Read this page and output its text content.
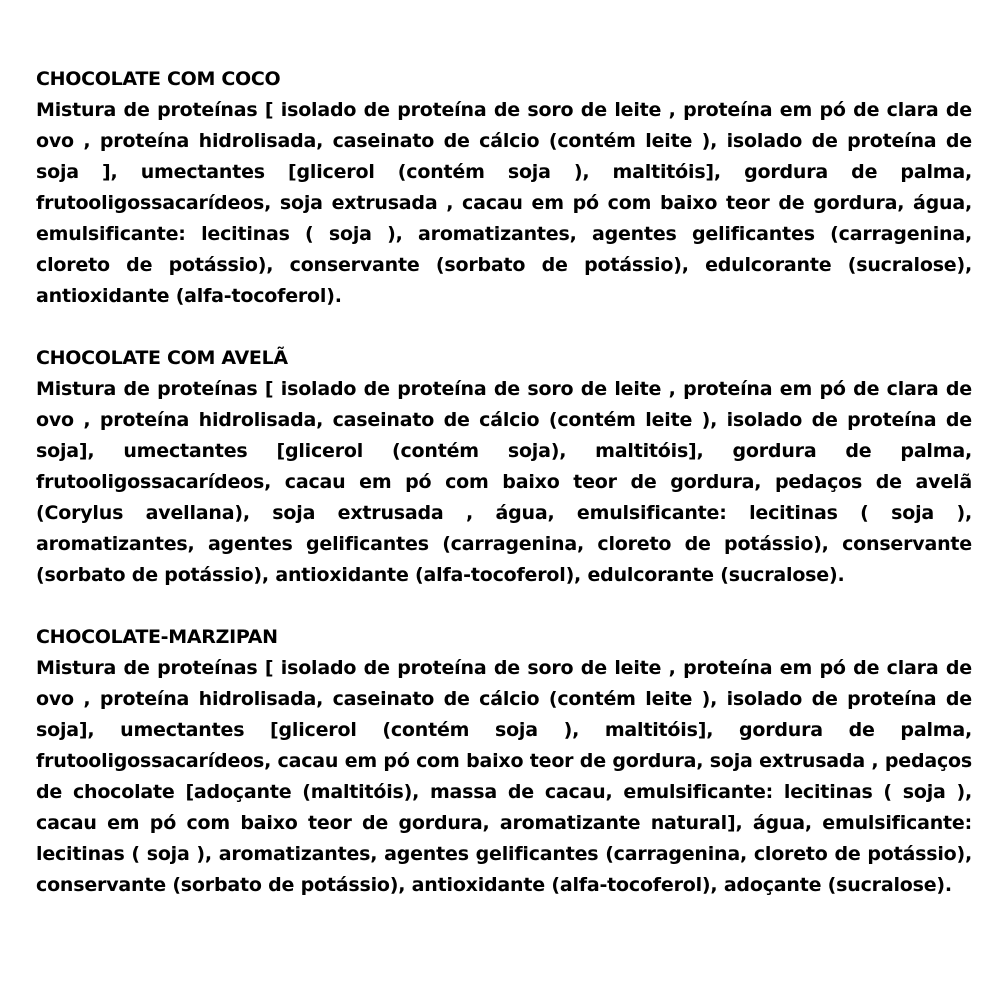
CHOCOLATE COM COCO

Mistura de proteínas [ isolado de proteína de soro de leite , proteína em pó de clara de ovo , proteína hidrolisada, caseinato de cálcio (contém leite ), isolado de proteína de soja ], umectantes [glicerol (contém soja ), maltitóis], gordura de palma, frutooligossacarídeos, soja extrusada , cacau em pó com baixo teor de gordura, água, emulsificante: lecitinas ( soja ), aromatizantes, agentes gelificantes (carragenina, cloreto de potássio), conservante (sorbato de potássio), edulcorante (sucralose), antioxidante (alfa-tocoferol).

CHOCOLATE COM AVELÃ

Mistura de proteínas [ isolado de proteína de soro de leite , proteína em pó de clara de ovo , proteína hidrolisada, caseinato de cálcio (contém leite ), isolado de proteína de soja], umectantes [glicerol (contém soja), maltitóis], gordura de palma, frutooligossacarídeos, cacau em pó com baixo teor de gordura, pedaços de avelã (Corylus avellana), soja extrusada , água, emulsificante: lecitinas ( soja ), aromatizantes, agentes gelificantes (carragenina, cloreto de potássio), conservante (sorbato de potássio), antioxidante (alfa-tocoferol), edulcorante (sucralose).

CHOCOLATE-MARZIPAN

Mistura de proteínas [ isolado de proteína de soro de leite , proteína em pó de clara de ovo , proteína hidrolisada, caseinato de cálcio (contém leite ), isolado de proteína de soja], umectantes [glicerol (contém soja ), maltitóis], gordura de palma, frutooligossacarídeos, cacau em pó com baixo teor de gordura, soja extrusada , pedaços de chocolate [adoçante (maltitóis), massa de cacau, emulsificante: lecitinas ( soja ), cacau em pó com baixo teor de gordura, aromatizante natural], água, emulsificante: lecitinas ( soja ), aromatizantes, agentes gelificantes (carragenina, cloreto de potássio), conservante (sorbato de potássio), antioxidante (alfa-tocoferol), adoçante (sucralose).
